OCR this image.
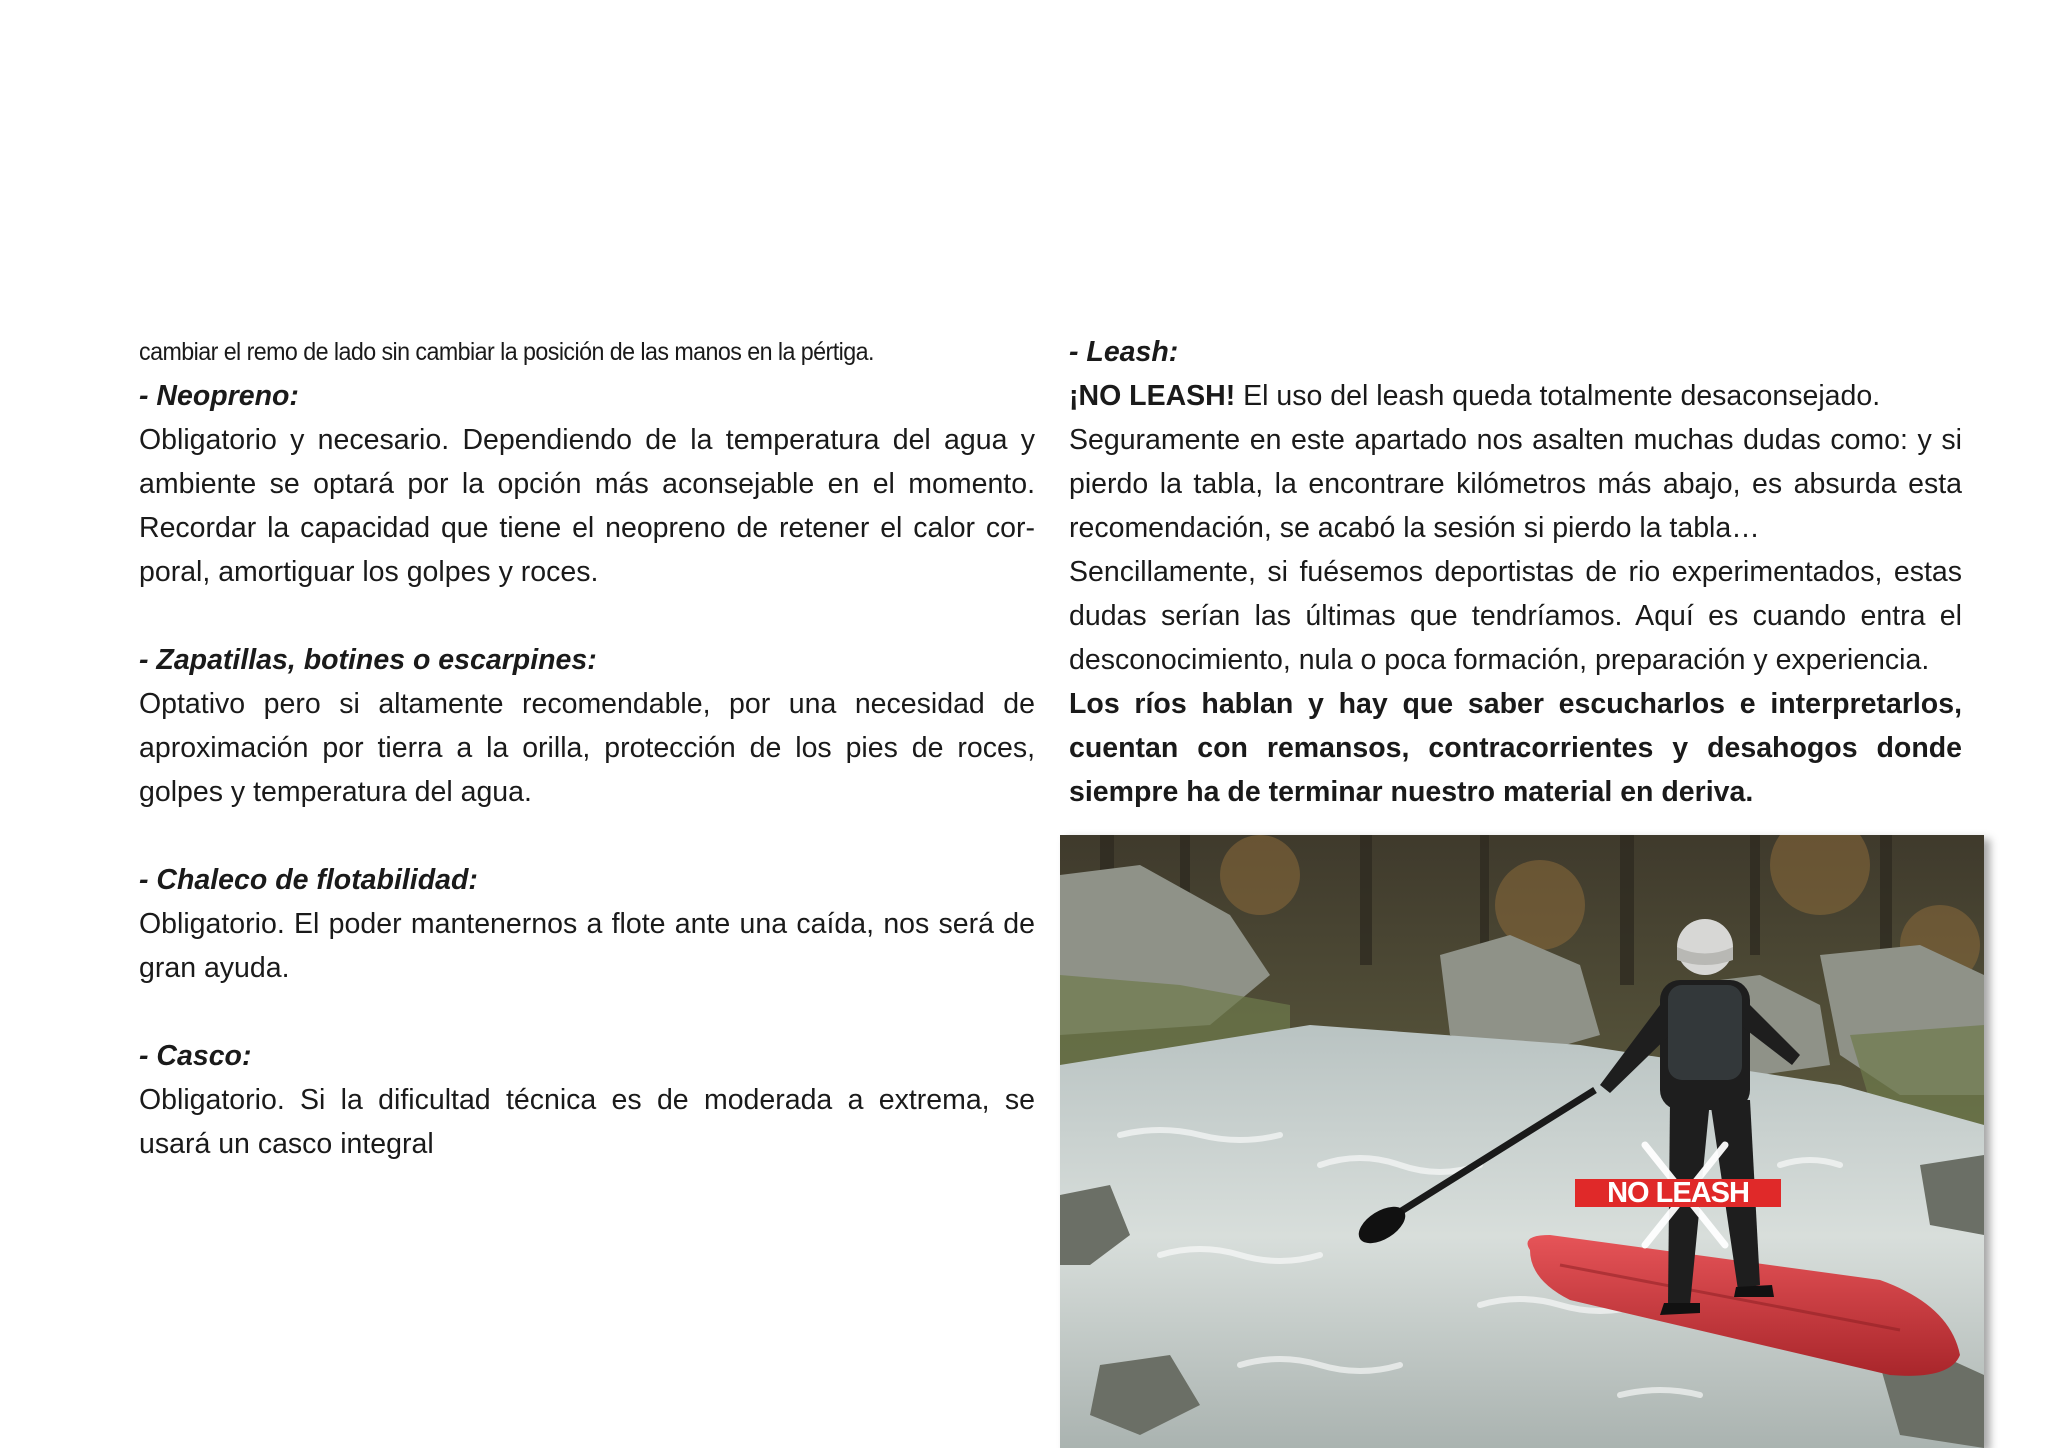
cambiar el remo de lado sin cambiar la posición de las manos en la pértiga.

- Neopreno:

Obligatorio y necesario. Dependiendo de la temperatura del agua y ambiente se optará por la opción más aconsejable en el momento. Recordar la capacidad que tiene el neopreno de retener el calor cor-poral, amortiguar los golpes y roces.

- Zapatillas, botines o escarpines:

Optativo pero si altamente recomendable, por una necesidad de aproximación por tierra a la orilla, protección de los pies de roces, golpes y temperatura del agua.

- Chaleco de flotabilidad:

Obligatorio. El poder mantenernos a flote ante una caída, nos será de gran ayuda.

- Casco:

Obligatorio. Si la dificultad técnica es de moderada a extrema, se usará un casco integral

- Leash:

¡NO LEASH! El uso del leash queda totalmente desaconsejado.

Seguramente en este apartado nos asalten muchas dudas como: y si pierdo la tabla, la encontrare kilómetros más abajo, es absurda esta recomendación, se acabó la sesión si pierdo la tabla…

Sencillamente, si fuésemos deportistas de rio experimentados, estas dudas serían las últimas que tendríamos. Aquí es cuando entra el desconocimiento, nula o poca formación, preparación y experiencia.

Los ríos hablan y hay que saber escucharlos e interpretarlos, cuentan con remansos, contracorrientes y desahogos donde siempre ha de terminar nuestro material en deriva.

NO LEASH
